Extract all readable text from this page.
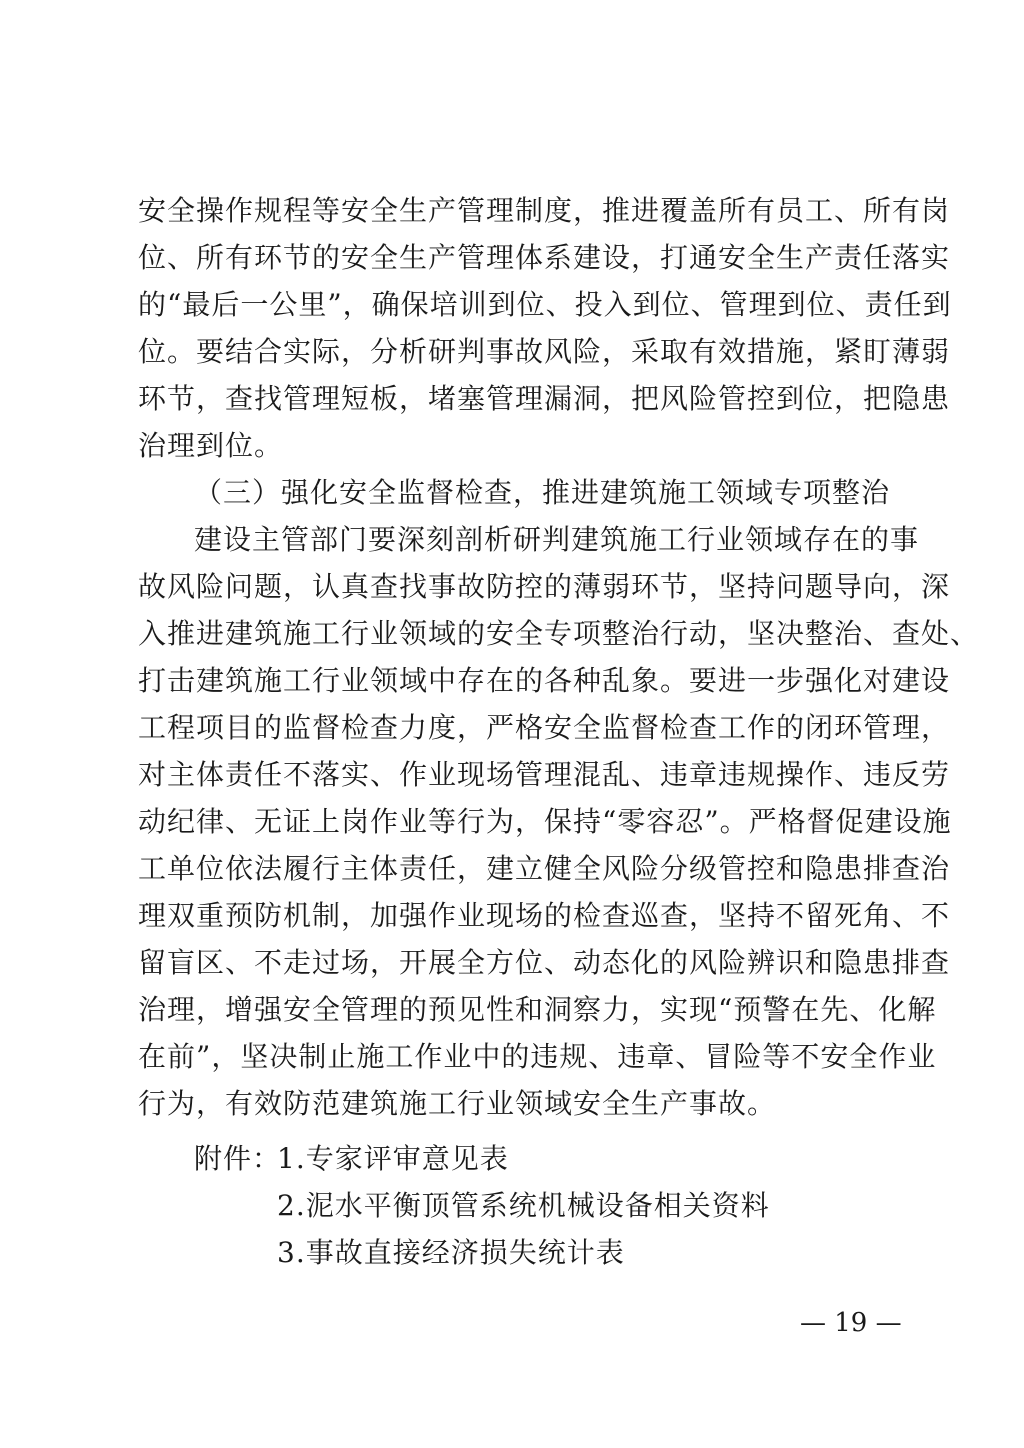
安全操作规程等安全生产管理制度，推进覆盖所有员工、所有岗
位、所有环节的安全生产管理体系建设，打通安全生产责任落实
的“最后一公里”，确保培训到位、投入到位、管理到位、责任到
位。要结合实际，分析研判事故风险，采取有效措施，紧盯薄弱
环节，查找管理短板，堵塞管理漏洞，把风险管控到位，把隐患
治理到位。
（三）强化安全监督检查，推进建筑施工领域专项整治
建设主管部门要深刻剖析研判建筑施工行业领域存在的事
故风险问题，认真查找事故防控的薄弱环节，坚持问题导向，深
入推进建筑施工行业领域的安全专项整治行动，坚决整治、查处、
打击建筑施工行业领域中存在的各种乱象。要进一步强化对建设
工程项目的监督检查力度，严格安全监督检查工作的闭环管理，
对主体责任不落实、作业现场管理混乱、违章违规操作、违反劳
动纪律、无证上岗作业等行为，保持“零容忍”。严格督促建设施
工单位依法履行主体责任，建立健全风险分级管控和隐患排查治
理双重预防机制，加强作业现场的检查巡查，坚持不留死角、不
留盲区、不走过场，开展全方位、动态化的风险辨识和隐患排查
治理，增强安全管理的预见性和洞察力，实现“预警在先、化解
在前”，坚决制止施工作业中的违规、违章、冒险等不安全作业
行为，有效防范建筑施工行业领域安全生产事故。
附件：
1.专家评审意见表
2.泥水平衡顶管系统机械设备相关资料
3.事故直接经济损失统计表
— 19 —
